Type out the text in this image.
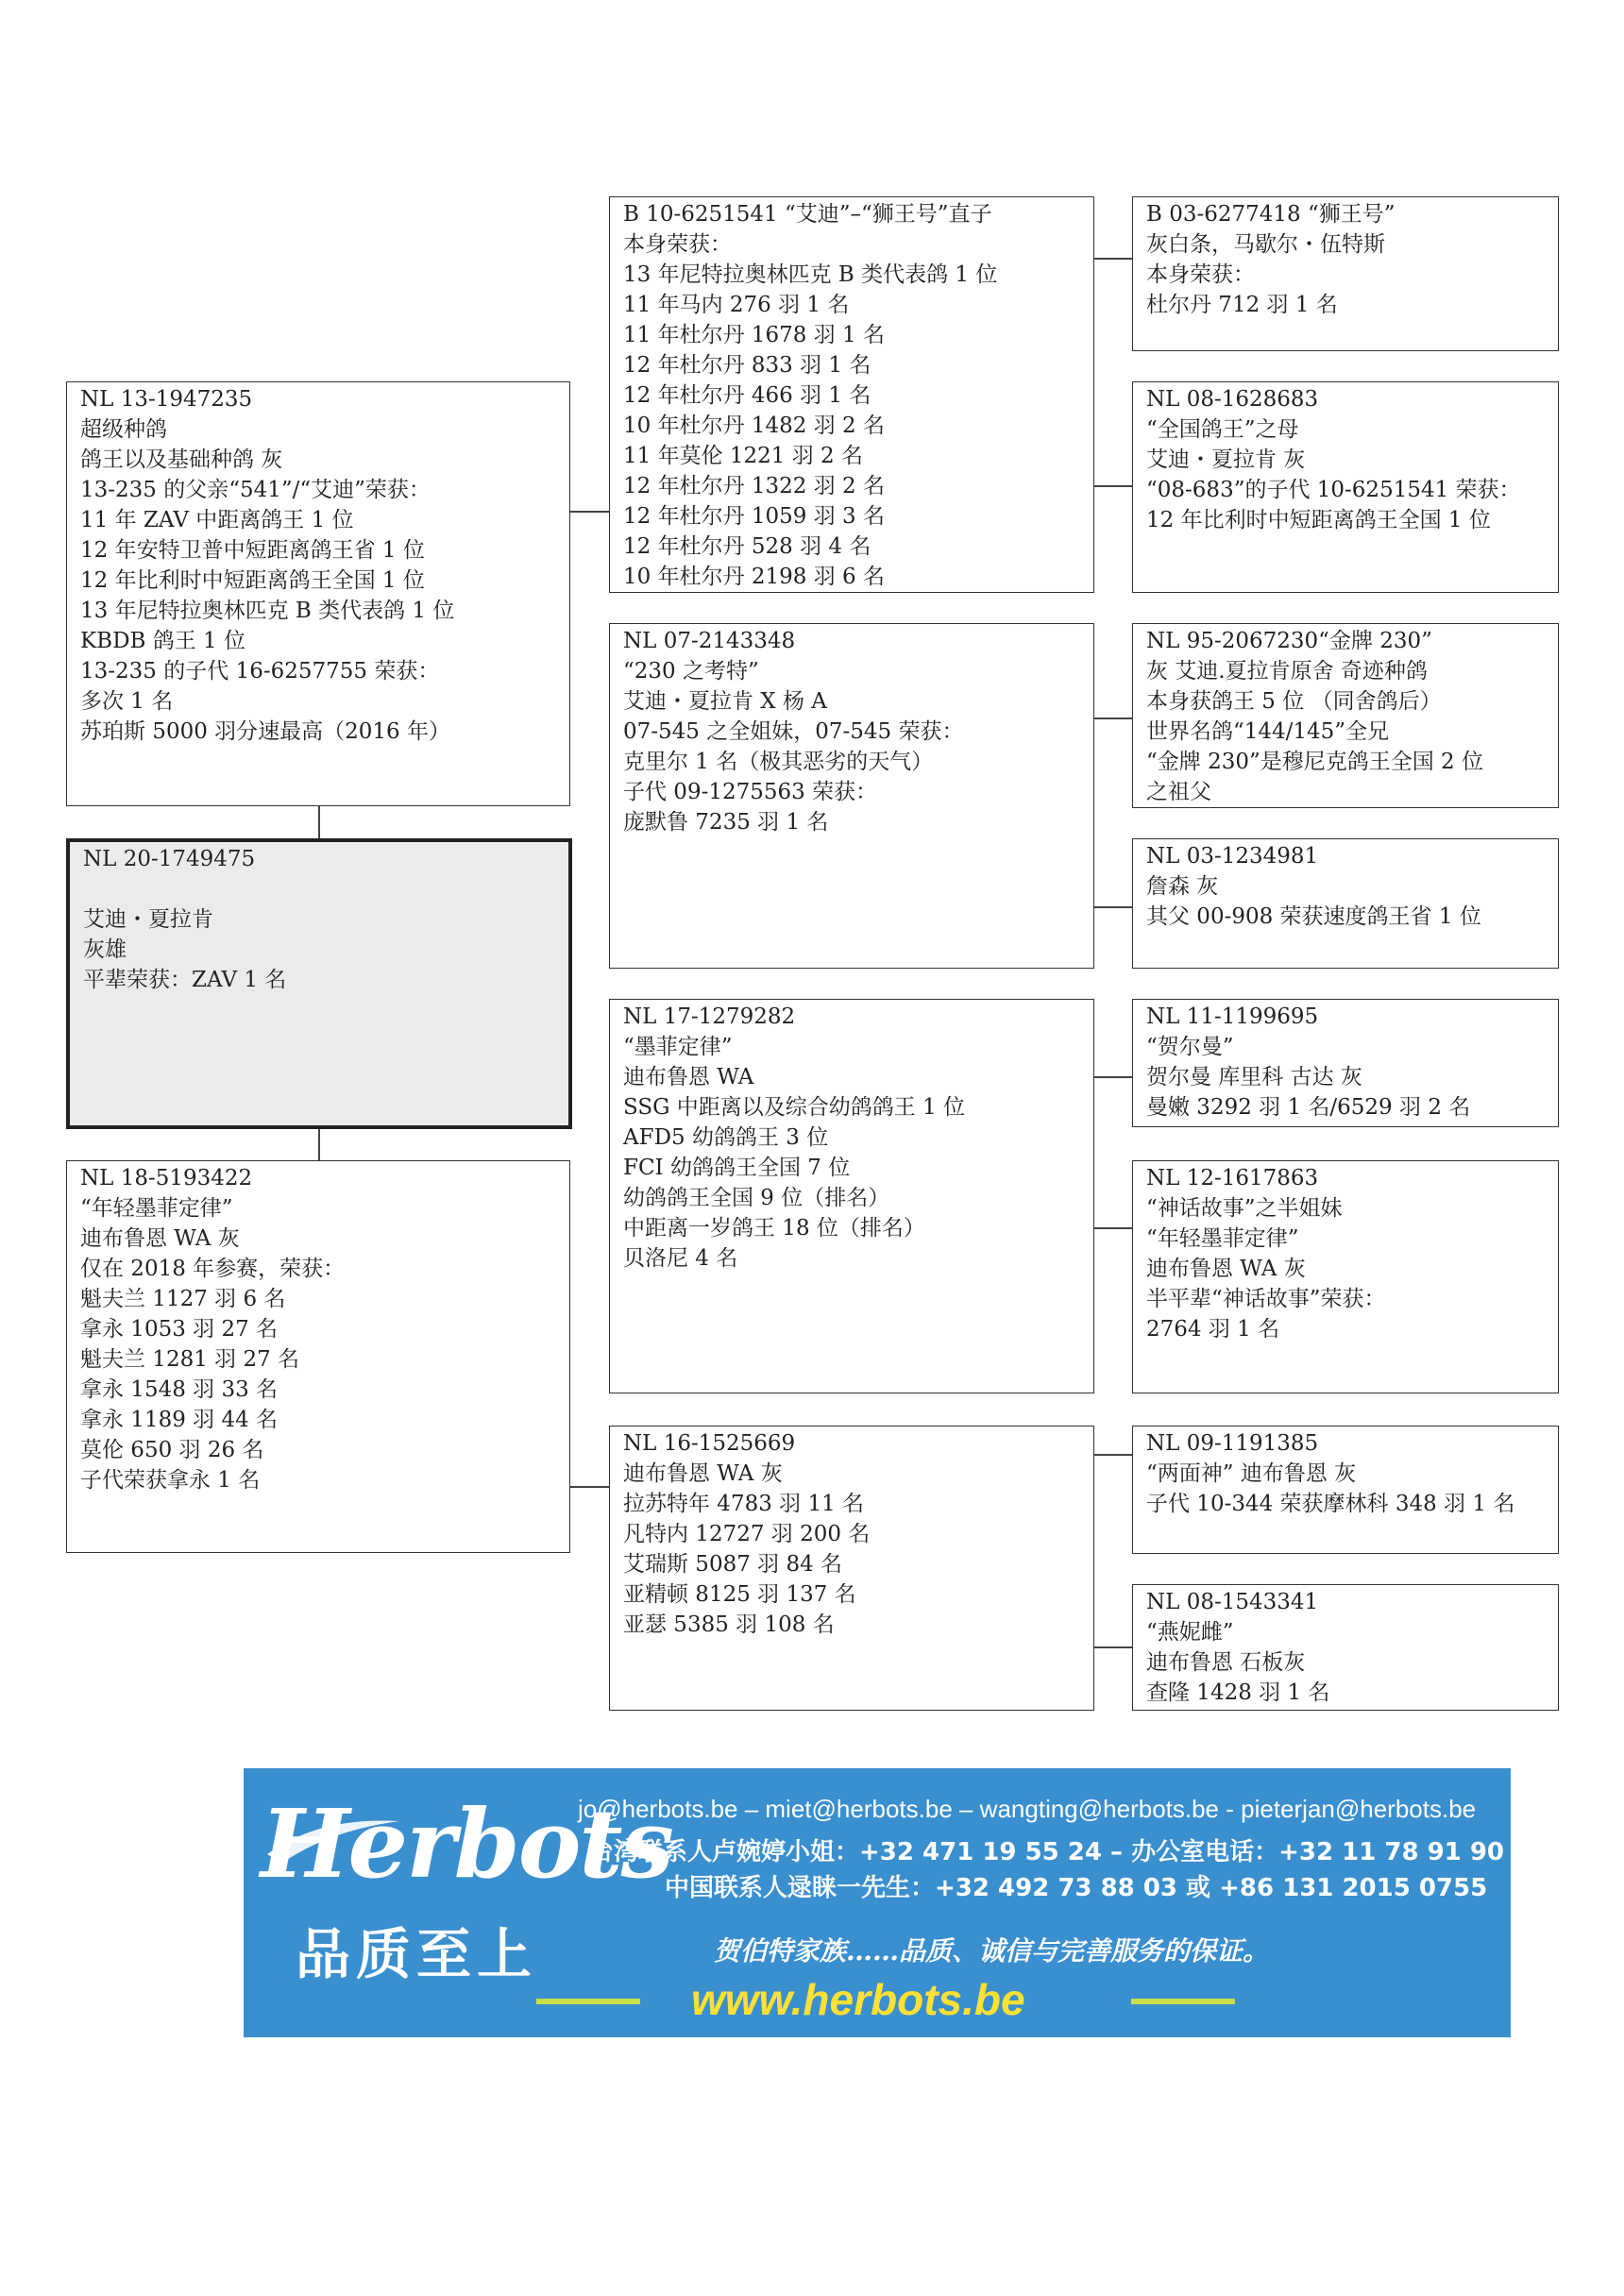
NL 13-1947235
超级种鸽
鸽王以及基础种鸽 灰
13-235 的父亲“541”/“艾迪”荣获：
11 年 ZAV 中距离鸽王 1 位
12 年安特卫普中短距离鸽王省 1 位
12 年比利时中短距离鸽王全国 1 位
13 年尼特拉奥林匹克 B 类代表鸽 1 位
KBDB 鸽王 1 位
13-235 的子代 16-6257755 荣获：
多次 1 名
苏珀斯 5000 羽分速最高（2016 年）
NL 20-1749475
艾迪・夏拉肯
灰雄
平辈荣获：ZAV 1 名
NL 18-5193422
“年轻墨菲定律”
迪布鲁恩 WA 灰
仅在 2018 年参赛，荣获：
魁夫兰 1127 羽 6 名
拿永 1053 羽 27 名
魁夫兰 1281 羽 27 名
拿永 1548 羽 33 名
拿永 1189 羽 44 名
莫伦 650 羽 26 名
子代荣获拿永 1 名
B 10-6251541 “艾迪”–“狮王号”直子
本身荣获：
13 年尼特拉奥林匹克 B 类代表鸽 1 位
11 年马内 276 羽 1 名
11 年杜尔丹 1678 羽 1 名
12 年杜尔丹 833 羽 1 名
12 年杜尔丹 466 羽 1 名
10 年杜尔丹 1482 羽 2 名
11 年莫伦 1221 羽 2 名
12 年杜尔丹 1322 羽 2 名
12 年杜尔丹 1059 羽 3 名
12 年杜尔丹 528 羽 4 名
10 年杜尔丹 2198 羽 6 名
NL 07-2143348
“230 之考特”
艾迪・夏拉肯 X 杨 A
07-545 之全姐妹，07-545 荣获：
克里尔 1 名（极其恶劣的天气）
子代 09-1275563 荣获：
庞默鲁 7235 羽 1 名
NL 17-1279282
“墨菲定律”
迪布鲁恩 WA
SSG 中距离以及综合幼鸽鸽王 1 位
AFD5 幼鸽鸽王 3 位
FCI 幼鸽鸽王全国 7 位
幼鸽鸽王全国 9 位（排名）
中距离一岁鸽王 18 位（排名）
贝洛尼 4 名
NL 16-1525669
迪布鲁恩 WA 灰
拉苏特年 4783 羽 11 名
凡特内 12727 羽 200 名
艾瑞斯 5087 羽 84 名
亚精顿 8125 羽 137 名
亚瑟 5385 羽 108 名
B 03-6277418 “狮王号”
灰白条，马歇尔・伍特斯
本身荣获：
杜尔丹 712 羽 1 名
NL 08-1628683
“全国鸽王”之母
艾迪・夏拉肯 灰
“08-683”的子代 10-6251541 荣获：
12 年比利时中短距离鸽王全国 1 位
NL 95-2067230“金牌 230”
灰 艾迪.夏拉肯原舍 奇迹种鸽
本身获鸽王 5 位 （同舍鸽后）
世界名鸽“144/145”全兄
“金牌 230”是穆尼克鸽王全国 2 位
之祖父
NL 03-1234981
詹森 灰
其父 00-908 荣获速度鸽王省 1 位
NL 11-1199695
“贺尔曼”
贺尔曼 库里科 古达 灰
曼嫩 3292 羽 1 名/6529 羽 2 名
NL 12-1617863
“神话故事”之半姐妹
“年轻墨菲定律”
迪布鲁恩 WA 灰
半平辈“神话故事”荣获：
2764 羽 1 名
NL 09-1191385
“两面神” 迪布鲁恩 灰
子代 10-344 荣获摩林科 348 羽 1 名
NL 08-1543341
“燕妮雌”
迪布鲁恩 石板灰
查隆 1428 羽 1 名
Herbots
品质至上
jo@herbots.be – miet@herbots.be – wangting@herbots.be - pieterjan@herbots.be
台湾联系人卢婉婷小姐：+32 471 19 55 24 – 办公室电话：+32 11 78 91 90
中国联系人逯睐一先生：+32 492 73 88 03 或 +86 131 2015 0755
贺伯特家族……品质、诚信与完善服务的保证。
www.herbots.be
